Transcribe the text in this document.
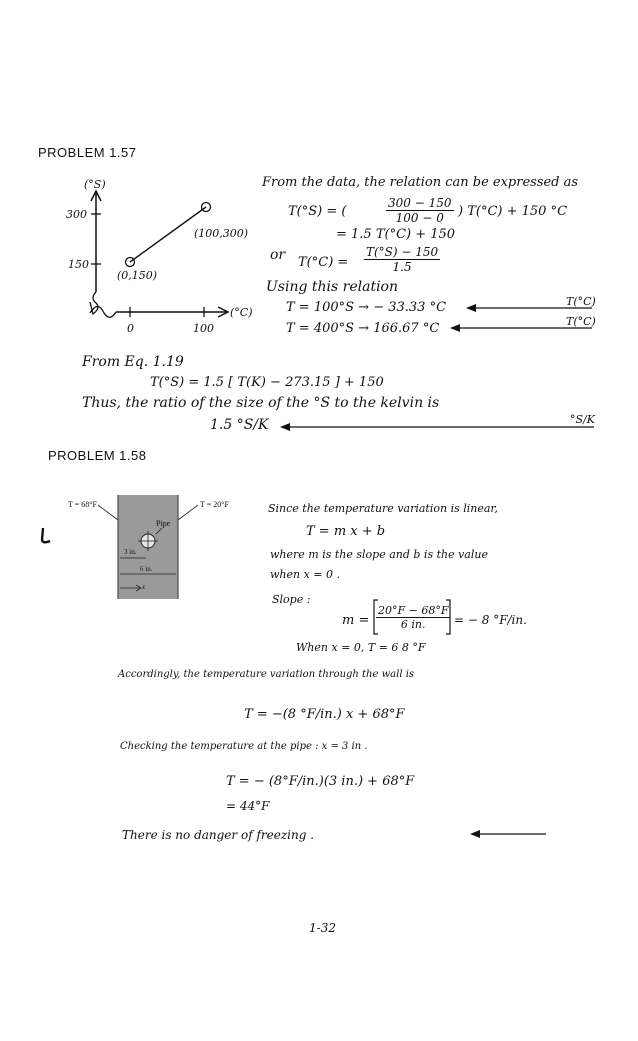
PROBLEM 1.57
(°S)
(°C)
300
150
0	100
(0,150)
(100,300)
From the data, the relation can be expressed as
T(°S) = (	$\frac{300 - 150}{100 - 0}$ ) T(°C) + 150 °C
= 1.5 T(°C) + 150
or $T(^\circ C) = \frac{T(^\circ S) - 150}{1.5}$
Using this relation
T = 100°S → − 33.33 °C	T(°C)
T = 400°S → 166.67 °C	T(°C)
From Eq. 1.19
T(°S) = 1.5 [ T(K) − 273.15 ] + 150
Thus, the ratio of the size of the °S to the kelvin is
1.5 °S/K	°S/K
PROBLEM 1.58
T = 68°F	T = 20°F
Pipe
3 in.
6 in.
x
Since the temperature variation is linear,
T = m x + b
where m is the slope and b is the value
when x = 0 .
Slope :
$m = \frac{20^\circ F - 68^\circ F}{6 in.}$ = − 8 °F/in.
When x = 0, T = 6 8 °F
Accordingly, the temperature variation through the wall is
T = −(8 °F/in.) x + 68°F
Checking the temperature at the pipe : x = 3 in .
T = − (8°F/in.)(3 in.) + 68°F
= 44°F
There is no danger of freezing .
1-32
